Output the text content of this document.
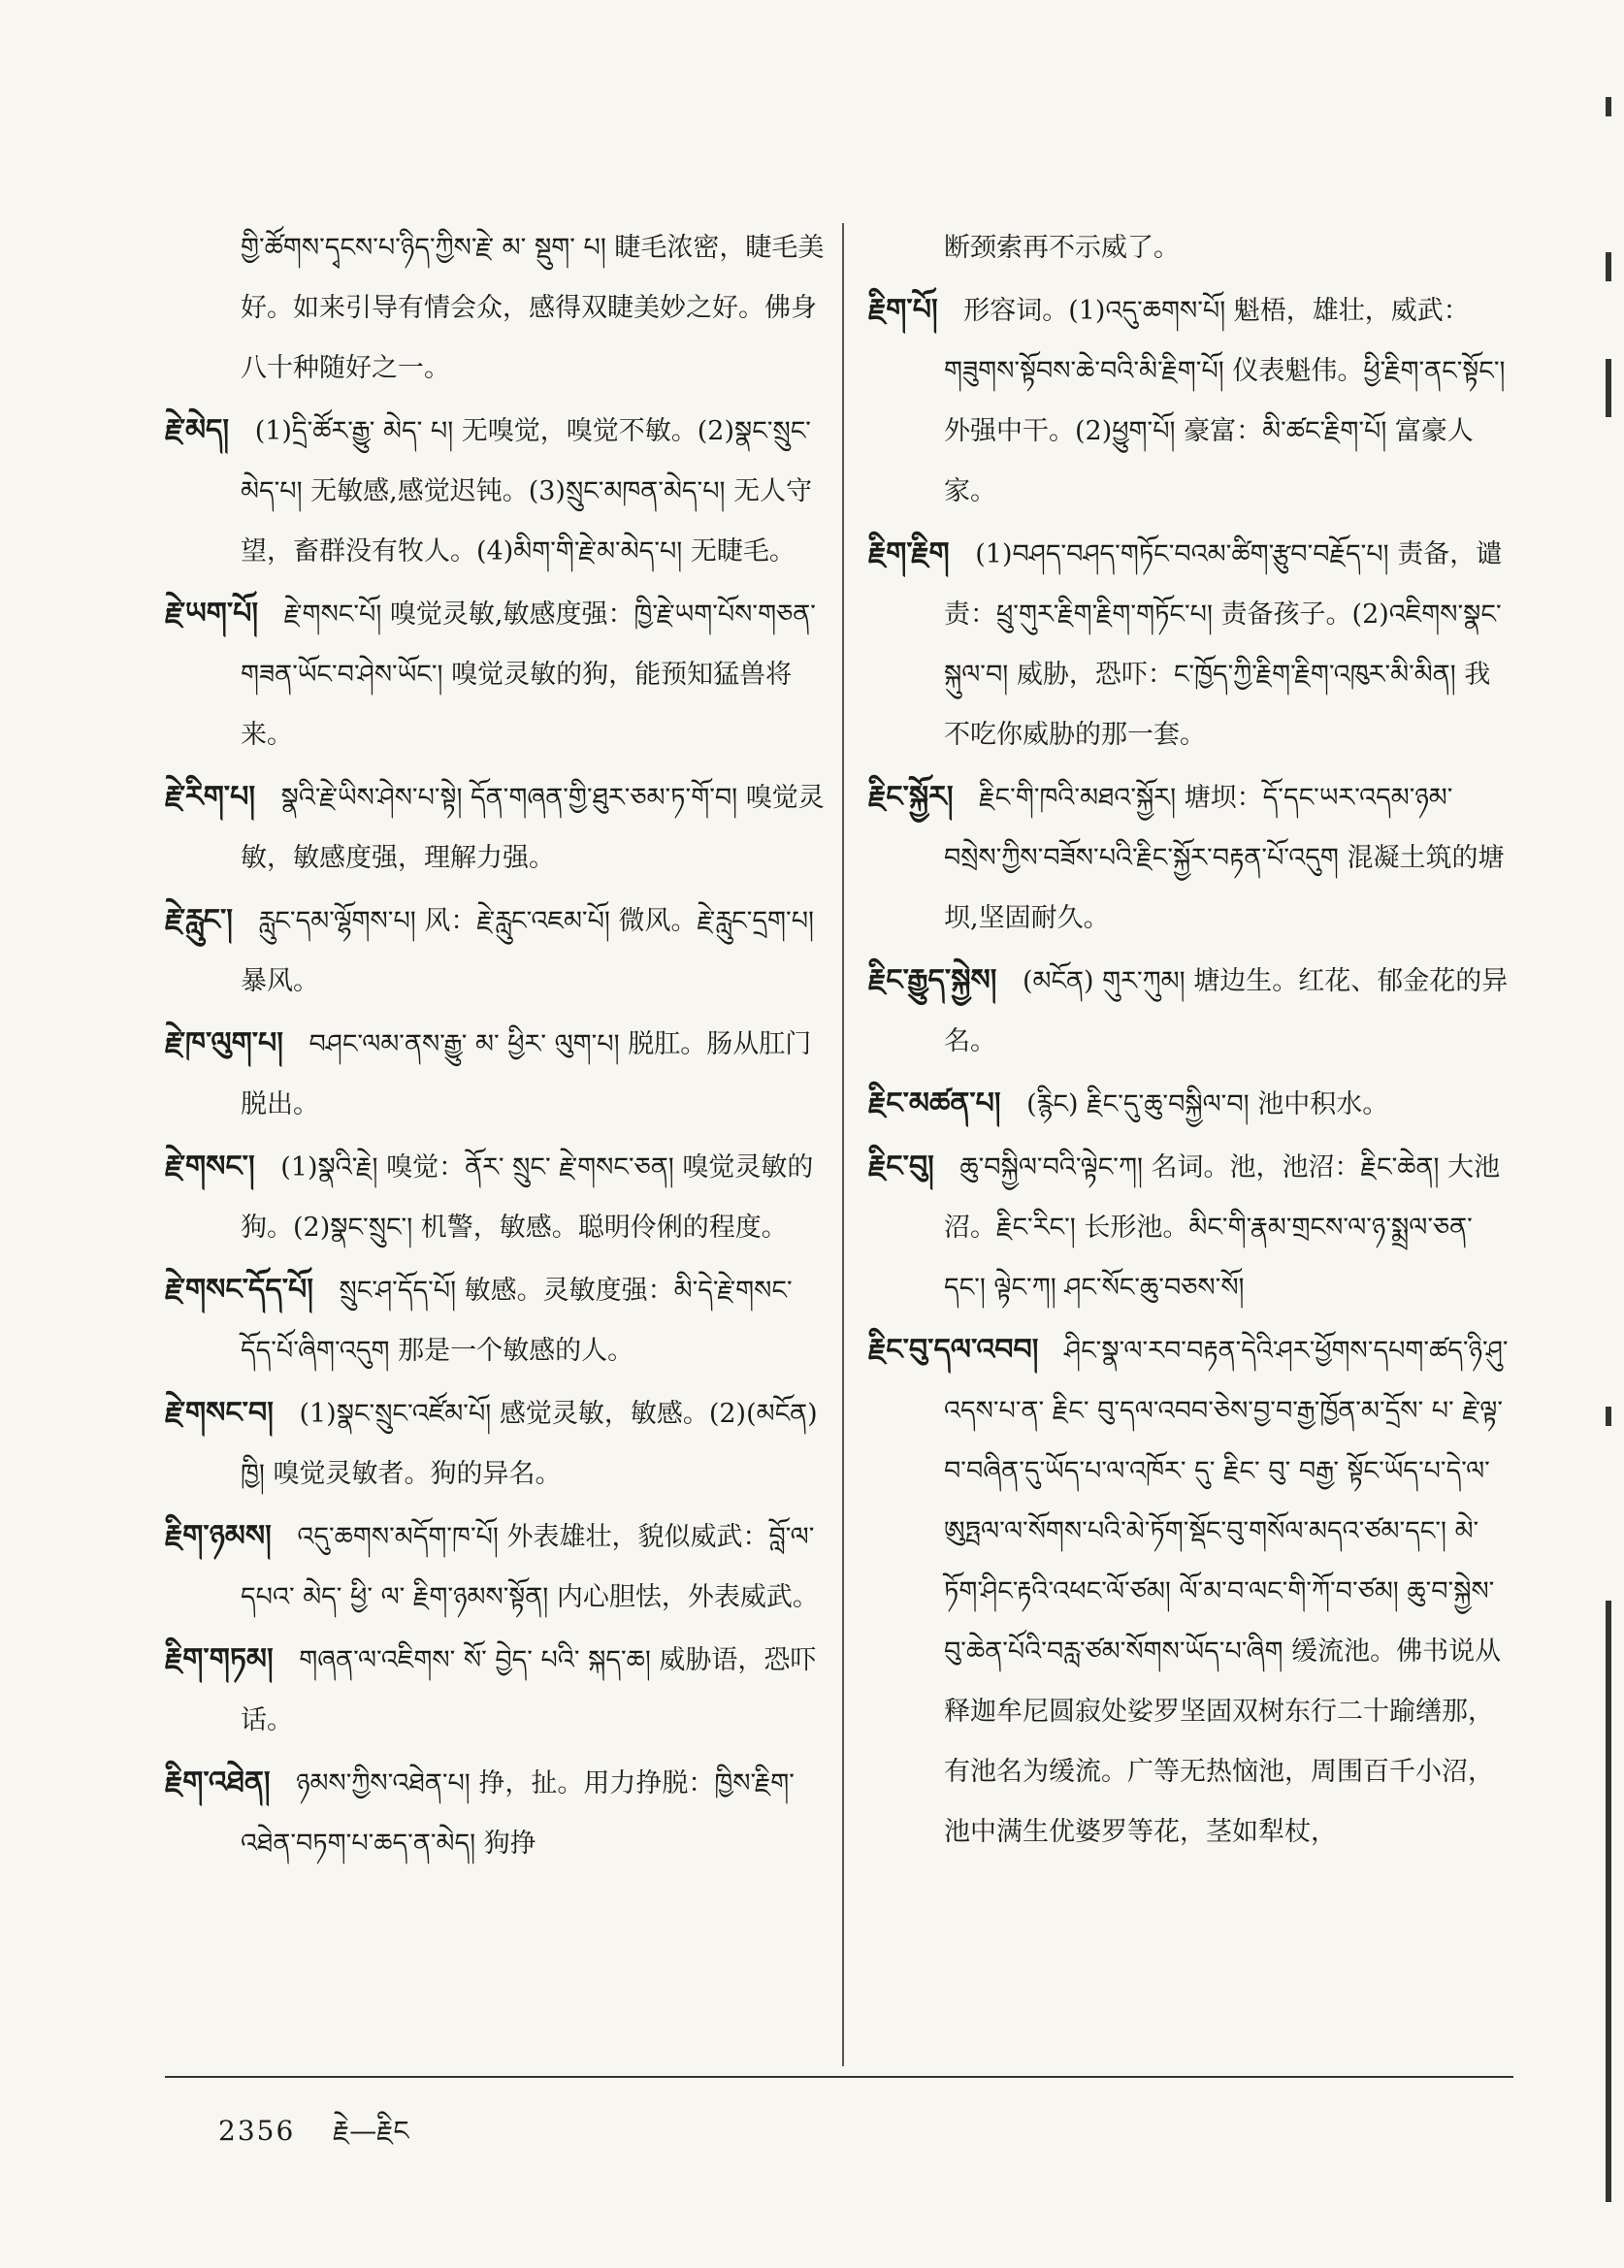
གྱི་ཚོགས་དྭངས་པ་ཉིད་ཀྱིས་རྗེ་ མ་ སྡུག་ པ། 睫毛浓密，睫毛美好。如来引导有情会众，感得双睫美妙之好。佛身八十种随好之一。
རྗེ་མེད། (1)དྲི་ཚོར་རྒྱུ་ མེད་ པ། 无嗅觉，嗅觉不敏。(2)སྣང་སྲུང་མེད་པ། 无敏感,感觉迟钝。(3)སྲུང་མཁན་མེད་པ། 无人守望，畜群没有牧人。(4)མིག་གི་རྗེ་མ་མེད་པ། 无睫毛。
རྗེ་ཡག་པོ། རྗེ་གསང་པོ། 嗅觉灵敏,敏感度强：ཁྱི་རྗེ་ཡག་པོས་གཅན་གཟན་ཡོང་བ་ཤེས་ཡོང་། 嗅觉灵敏的狗，能预知猛兽将来。
རྗེ་རིག་པ། སྣའི་རྗེ་ཡིས་ཤེས་པ་སྟེ། དོན་གཞན་གྱི་ཐུར་ཅམ་ཏ་གོ་བ། 嗅觉灵敏，敏感度强，理解力强。
རྗེ་རླུང་། རླུང་དམ་ལྷོགས་པ། 风：རྗེ་རླུང་འཇམ་པོ། 微风。རྗེ་རླུང་དྲག་པ། 暴风。
རྗེ་ཁ་ལུག་པ། བཤང་ལམ་ནས་རྒྱུ་ མ་ ཕྱིར་ ལུག་པ། 脱肛。肠从肛门脱出。
རྗེ་གསང་། (1)སྣའི་རྗེ། 嗅觉：ནོར་ སྲུང་ རྗེ་གསང་ཅན། 嗅觉灵敏的狗。(2)སྣང་སྲུང་། 机警，敏感。聪明伶俐的程度。
རྗེ་གསང་དོད་པོ། སྲུང་ཤ་དོད་པོ། 敏感。灵敏度强：མི་དེ་རྗེ་གསང་དོད་པོ་ཞིག་འདུག 那是一个敏感的人。
རྗེ་གསང་བ། (1)སྣང་སྲུང་འཛོམ་པོ། 感觉灵敏，敏感。(2)(མངོན) ཁྱི། 嗅觉灵敏者。狗的异名。
རྗིག་ཉམས། འདུ་ཆགས་མདོག་ཁ་པོ། 外表雄壮，貌似威武：བློ་ལ་དཔའ་ མེད་ ཕྱི་ ལ་ རྗིག་ཉམས་སྟོན། 内心胆怯，外表威武。
རྗིག་གཏམ། གཞན་ལ་འཇིགས་ སོ་ བྱེད་ པའི་ སྐད་ཆ། 威胁语，恐吓话。
རྗིག་འཐེན། ཉམས་ཀྱིས་འཐེན་པ། 挣，扯。用力挣脱：ཁྱིས་རྗིག་འཐེན་བཏག་པ་ཆད་ན་མེད། 狗挣
断颈索再不示威了。
རྗིག་པོ། 形容词。(1)འདུ་ཆགས་པོ། 魁梧，雄壮，威武：གཟུགས་སྟོབས་ཆེ་བའི་མི་རྗིག་པོ། 仪表魁伟。ཕྱི་རྗིག་ནང་སྟོང་། 外强中干。(2)ཕྱུག་པོ། 豪富：མི་ཚང་རྗིག་པོ། 富豪人家。
རྗིག་རྗིག (1)བཤད་བཤད་གཏོང་བའམ་ཚིག་རྩུབ་བརྗོད་པ། 责备，谴责：ཕྲུ་གུར་རྗིག་རྗིག་གཏོང་པ། 责备孩子。(2)འཇིགས་སྣང་སྐུལ་བ། 威胁，恐吓：ང་ཁྱོད་ཀྱི་རྗིག་རྗིག་འཁུར་མི་མིན། 我不吃你威胁的那一套。
རྗིང་སྐྱོར། རྗིང་གི་ཁའི་མཐའ་སྐྱོར། 塘坝：དོ་དང་ཡར་འདམ་ཉམ་བསྲེས་ཀྱིས་བཟོས་པའི་རྗིང་སྐྱོར་བརྟན་པོ་འདུག 混凝土筑的塘坝,坚固耐久。
རྗིང་རྒྱུད་སྐྱེས། (མངོན) གུར་ཀུམ། 塘边生。红花、郁金花的异名。
རྗིང་མཚན་པ། (རྙིང) རྗིང་དུ་ཆུ་བསྐྱིལ་བ། 池中积水。
རྗིང་བུ། ཆུ་བསྐྱིལ་བའི་ལྟེང་ཀ། 名词。池，池沼：རྗིང་ཆེན། 大池沼。རྗིང་རིང་། 长形池。མིང་གི་རྣམ་གྲངས་ལ་ཉ་སྨྲལ་ཅན་དང་། ལྟེང་ཀ། ཤང་སོང་ཆུ་བཅས་སོ།
རྗིང་བུ་དལ་འབབ། ཤིང་སྣ་ལ་རབ་བརྟན་དེའི་ཤར་ཕྱོགས་དཔག་ཚད་ཉི་ཤུ་འདས་པ་ན་ རྗིང་ བུ་དལ་འབབ་ཅེས་བྱ་བ་རྒྱ་ཁྱོན་མ་དྲོས་ པ་ རྗེ་ལྟ་ བ་བཞིན་དུ་ཡོད་པ་ལ་འཁོར་ དུ་ རྗིང་ བུ་ བརྒྱ་ སྟོང་ཡོད་པ་དེ་ལ་ཨུཏྤལ་ལ་སོགས་པའི་མེ་ཏོག་སྡོང་བུ་གསོལ་མདའ་ཙམ་དང་། མེ་ཏོག་ཤིང་རྟའི་འཕང་ལོ་ཙམ། ལོ་མ་བ་ལང་གི་ཀོ་བ་ཙམ། ཆུ་བ་སྐྱེས་བུ་ཆེན་པོའི་བརླ་ཙམ་སོགས་ཡོད་པ་ཞིག 缓流池。佛书说从释迦牟尼圆寂处娑罗坚固双树东行二十踰缮那，有池名为缓流。广等无热恼池，周围百千小沼，池中满生优婆罗等花，茎如犁杖，
2356 རྗེ—རྗིང
